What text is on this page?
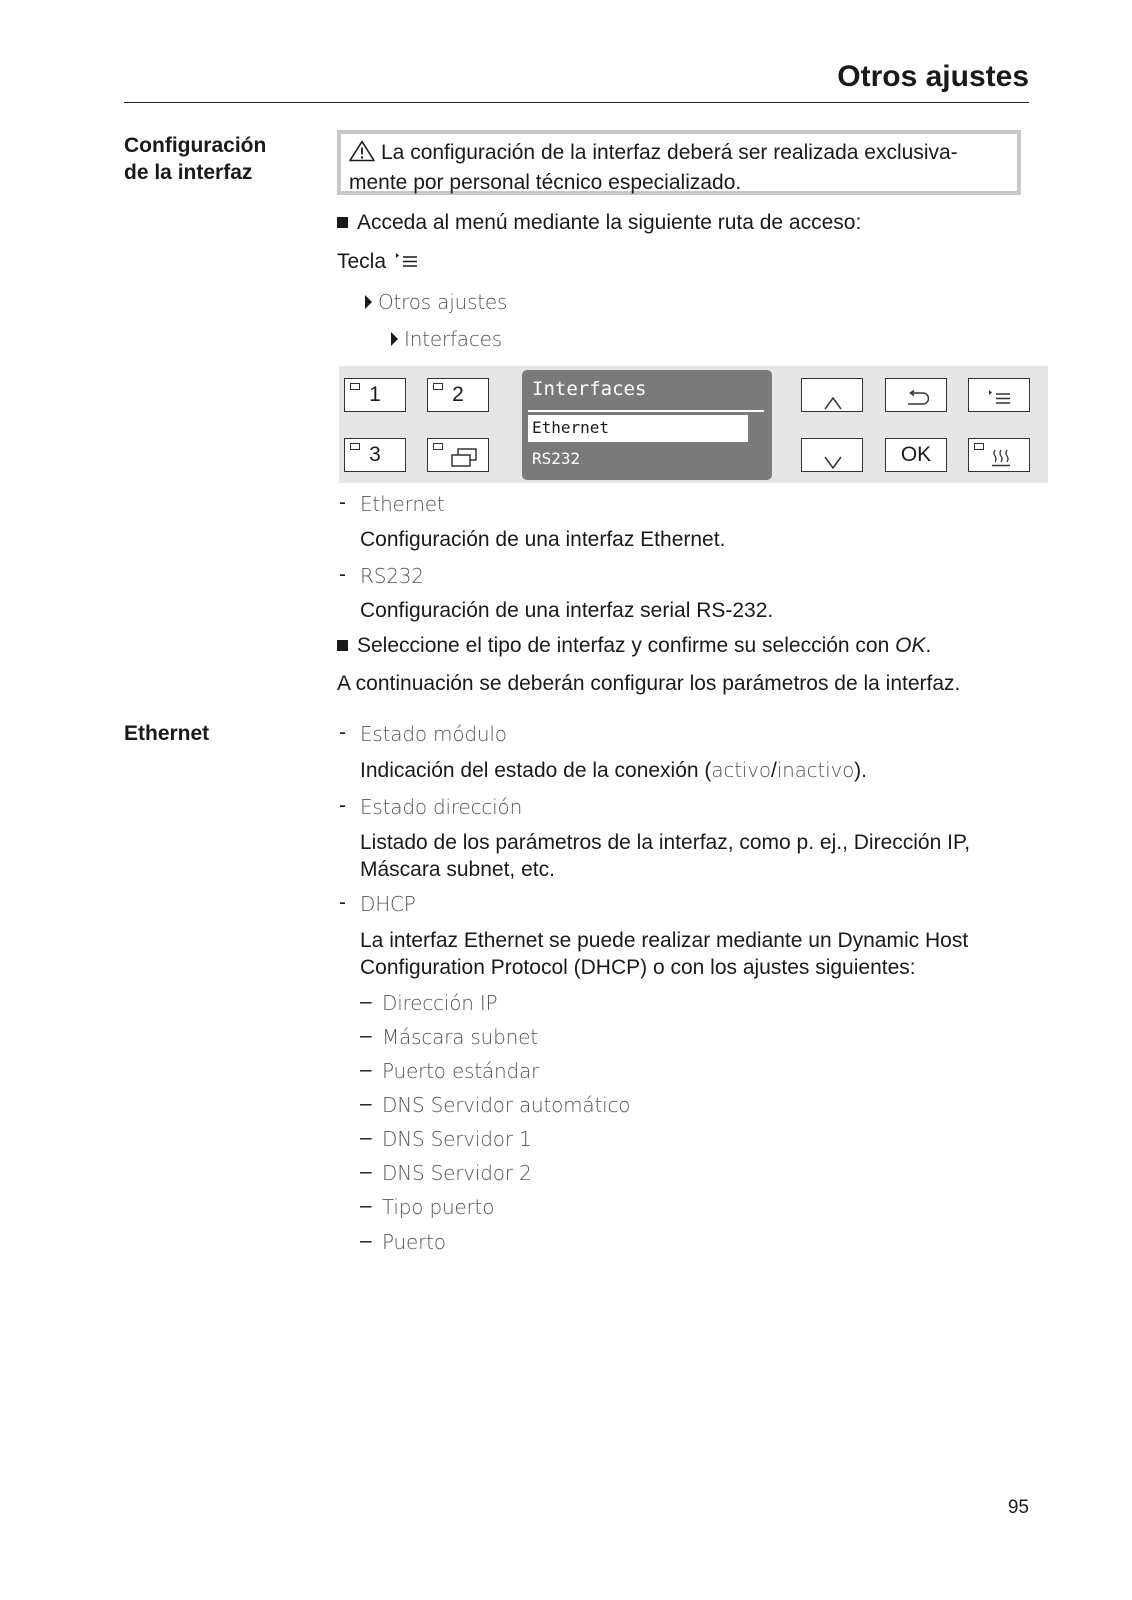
Otros ajustes
Configuración
de la interfaz
La configuración de la interfaz deberá ser realizada exclusiva-
mente por personal técnico especializado.
Acceda al menú mediante la siguiente ruta de acceso:
Tecla
Otros ajustes
Interfaces
1	2
3
Interfaces
Ethernet
RS232	OK
- Ethernet
Configuración de una interfaz Ethernet.
- RS232
Configuración de una interfaz serial RS-232.
Seleccione el tipo de interfaz y confirme su selección con OK.
A continuación se deberán configurar los parámetros de la interfaz.
Ethernet	- Estado módulo
Indicación del estado de la conexión (activo/inactivo).
- Estado dirección
Listado de los parámetros de la interfaz, como p. ej., Dirección IP,
Máscara subnet, etc.
- DHCP
La interfaz Ethernet se puede realizar mediante un Dynamic Host
Configuration Protocol (DHCP) o con los ajustes siguientes:
– Dirección IP
– Máscara subnet
– Puerto estándar
– DNS Servidor automático
– DNS Servidor 1
– DNS Servidor 2
– Tipo puerto
– Puerto
95
